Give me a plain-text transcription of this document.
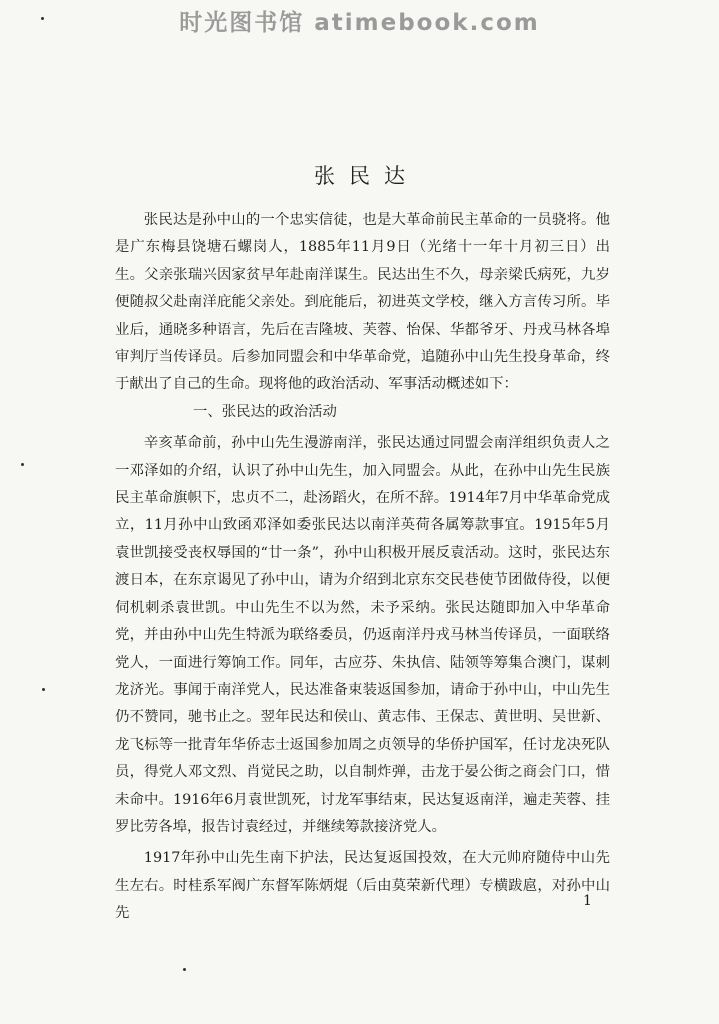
时光图书馆 atimebook.com
张民达

张民达是孙中山的一个忠实信徒，也是大革命前民主革命的一员骁将。他是广东梅县饶塘石螺岗人，1885年11月9日（光绪十一年十月初三日）出生。父亲张瑞兴因家贫早年赴南洋谋生。民达出生不久，母亲梁氏病死，九岁便随叔父赴南洋庇能父亲处。到庇能后，初进英文学校，继入方言传习所。毕业后，通晓多种语言，先后在吉隆坡、芙蓉、怡保、华都爷牙、丹戎马林各埠审判厅当传译员。后参加同盟会和中华革命党，追随孙中山先生投身革命，终于献出了自己的生命。现将他的政治活动、军事活动概述如下：

一、张民达的政治活动

辛亥革命前，孙中山先生漫游南洋，张民达通过同盟会南洋组织负责人之一邓泽如的介绍，认识了孙中山先生，加入同盟会。从此，在孙中山先生民族民主革命旗帜下，忠贞不二，赴汤蹈火，在所不辞。1914年7月中华革命党成立，11月孙中山致函邓泽如委张民达以南洋英荷各属筹款事宜。1915年5月袁世凯接受丧权辱国的“廿一条”，孙中山积极开展反袁活动。这时，张民达东渡日本，在东京谒见了孙中山，请为介绍到北京东交民巷使节团做侍役，以便伺机刺杀袁世凯。中山先生不以为然，未予采纳。张民达随即加入中华革命党，并由孙中山先生特派为联络委员，仍返南洋丹戎马林当传译员，一面联络党人，一面进行筹饷工作。同年，古应芬、朱执信、陆领等筹集合澳门，谋刺龙济光。事闻于南洋党人，民达准备束装返国参加，请命于孙中山，中山先生仍不赞同，驰书止之。翌年民达和侯山、黄志伟、王保志、黄世明、吴世新、龙飞标等一批青年华侨志士返国参加周之贞领导的华侨护国军，任讨龙决死队员，得党人邓文烈、肖觉民之助，以自制炸弹，击龙于晏公街之商会门口，惜未命中。1916年6月袁世凯死，讨龙军事结束，民达复返南洋，遍走芙蓉、挂罗比劳各埠，报告讨袁经过，并继续筹款接济党人。

1917年孙中山先生南下护法，民达复返国投效，在大元帅府随侍中山先生左右。时桂系军阀广东督军陈炳焜（后由莫荣新代理）专横跋扈，对孙中山先

1
